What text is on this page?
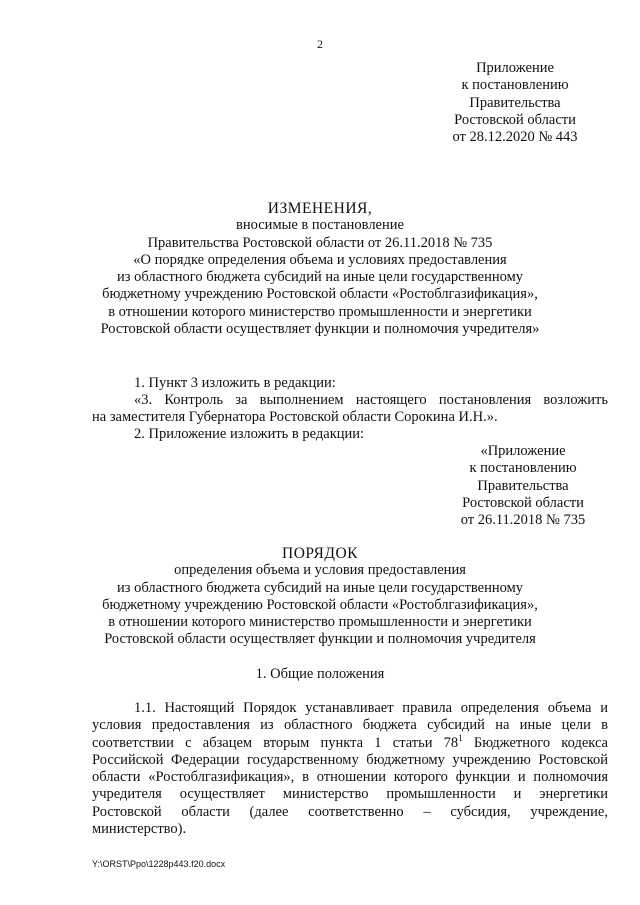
2
Приложение
к постановлению
Правительства
Ростовской области
от 28.12.2020 № 443
ИЗМЕНЕНИЯ,
вносимые в постановление
Правительства Ростовской области от 26.11.2018 № 735
«О порядке определения объема и условиях предоставления
из областного бюджета субсидий на иные цели государственному
бюджетному учреждению Ростовской области «Ростоблгазификация»,
в отношении которого министерство промышленности и энергетики
Ростовской области осуществляет функции и полномочия учредителя»
1. Пункт 3 изложить в редакции:
«3. Контроль за выполнением настоящего постановления возложить
на заместителя Губернатора Ростовской области Сорокина И.Н.».
2. Приложение изложить в редакции:
«Приложение
к постановлению
Правительства
Ростовской области
от 26.11.2018 № 735
ПОРЯДОК
определения объема и условия предоставления
из областного бюджета субсидий на иные цели государственному
бюджетному учреждению Ростовской области «Ростоблгазификация»,
в отношении которого министерство промышленности и энергетики
Ростовской области осуществляет функции и полномочия учредителя
1. Общие положения
1.1. Настоящий Порядок устанавливает правила определения объема и условия предоставления из областного бюджета субсидий на иные цели в соответствии с абзацем вторым пункта 1 статьи $78^1$ Бюджетного кодекса Российской Федерации государственному бюджетному учреждению Ростовской области «Ростоблгазификация», в отношении которого функции и полномочия учредителя осуществляет министерство промышленности и энергетики Ростовской области (далее соответственно – субсидия, учреждение, министерство).
Y:\ORST\Ppo\1228p443.f20.docx
